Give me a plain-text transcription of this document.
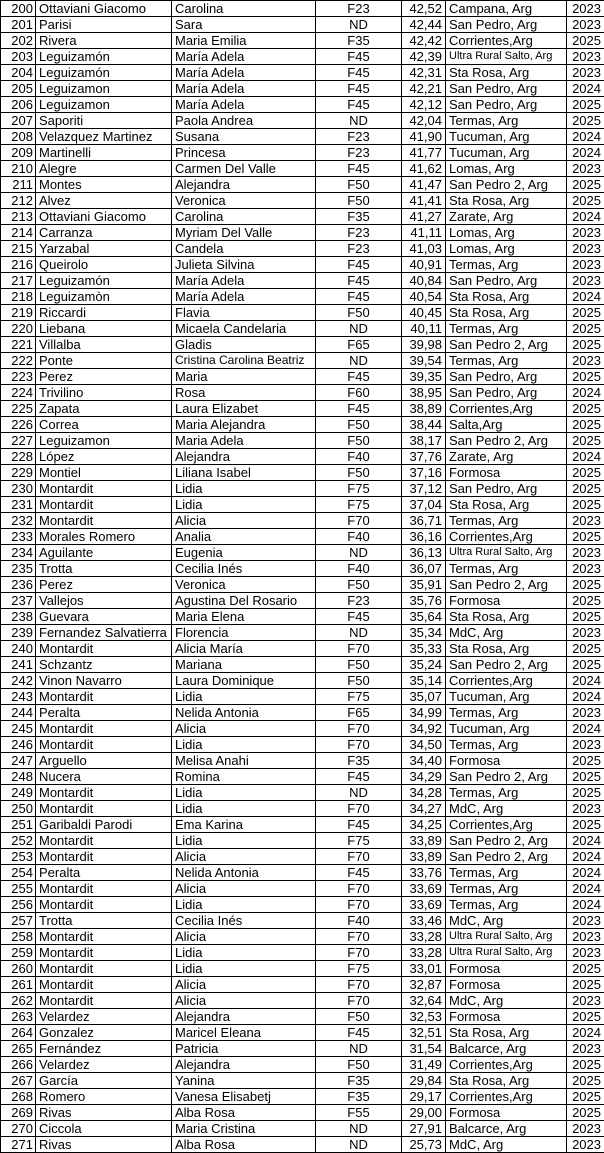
200	Ottaviani Giacomo	Carolina	F23	42,52	Campana, Arg	2023
201	Parisi	Sara	ND	42,44	San Pedro, Arg	2023
202	Rivera	Maria Emilia	F35	42,42	Corrientes,Arg	2025
203	Leguizamón	María Adela	F45	42,39	Ultra Rural Salto, Arg	2023
204	Leguizamón	María Adela	F45	42,31	Sta Rosa, Arg	2023
205	Leguizamon	María Adela	F45	42,21	San Pedro, Arg	2024
206	Leguizamon	María Adela	F45	42,12	San Pedro, Arg	2025
207	Saporiti	Paola Andrea	ND	42,04	Termas, Arg	2025
208	Velazquez Martinez	Susana	F23	41,90	Tucuman, Arg	2024
209	Martinelli	Princesa	F23	41,77	Tucuman, Arg	2024
210	Alegre	Carmen Del Valle	F45	41,62	Lomas, Arg	2023
211	Montes	Alejandra	F50	41,47	San Pedro 2, Arg	2025
212	Alvez	Veronica	F50	41,41	Sta Rosa, Arg	2025
213	Ottaviani Giacomo	Carolina	F35	41,27	Zarate, Arg	2024
214	Carranza	Myriam Del Valle	F23	41,11	Lomas, Arg	2023
215	Yarzabal	Candela	F23	41,03	Lomas, Arg	2023
216	Queirolo	Julieta Silvina	F45	40,91	Termas, Arg	2023
217	Leguizamón	María Adela	F45	40,84	San Pedro, Arg	2023
218	Leguizamòn	María Adela	F45	40,54	Sta Rosa, Arg	2024
219	Riccardi	Flavia	F50	40,45	Sta Rosa, Arg	2025
220	Liebana	Micaela Candelaria	ND	40,11	Termas, Arg	2025
221	Villalba	Gladis	F65	39,98	San Pedro 2, Arg	2025
222	Ponte	Cristina Carolina Beatriz	ND	39,54	Termas, Arg	2023
223	Perez	Maria	F45	39,35	San Pedro, Arg	2025
224	Trivilino	Rosa	F60	38,95	San Pedro, Arg	2024
225	Zapata	Laura Elizabet	F45	38,89	Corrientes,Arg	2025
226	Correa	Maria Alejandra	F50	38,44	Salta,Arg	2025
227	Leguizamon	Maria Adela	F50	38,17	San Pedro 2, Arg	2025
228	López	Alejandra	F40	37,76	Zarate, Arg	2024
229	Montiel	Liliana Isabel	F50	37,16	Formosa	2025
230	Montardit	Lidia	F75	37,12	San Pedro, Arg	2025
231	Montardit	Lidia	F75	37,04	Sta Rosa, Arg	2025
232	Montardit	Alicia	F70	36,71	Termas, Arg	2023
233	Morales Romero	Analia	F40	36,16	Corrientes,Arg	2025
234	Aguilante	Eugenia	ND	36,13	Ultra Rural Salto, Arg	2023
235	Trotta	Cecilia Inés	F40	36,07	Termas, Arg	2023
236	Perez	Veronica	F50	35,91	San Pedro 2, Arg	2025
237	Vallejos	Agustina Del Rosario	F23	35,76	Formosa	2025
238	Guevara	Maria Elena	F45	35,64	Sta Rosa, Arg	2025
239	Fernandez Salvatierra	Florencia	ND	35,34	MdC, Arg	2023
240	Montardit	Alicia María	F70	35,33	Sta Rosa, Arg	2025
241	Schzantz	Mariana	F50	35,24	San Pedro 2, Arg	2025
242	Vinon Navarro	Laura Dominique	F50	35,14	Corrientes,Arg	2024
243	Montardit	Lidia	F75	35,07	Tucuman, Arg	2024
244	Peralta	Nelida Antonia	F65	34,99	Termas, Arg	2023
245	Montardit	Alicia	F70	34,92	Tucuman, Arg	2024
246	Montardit	Lidia	F70	34,50	Termas, Arg	2023
247	Arguello	Melisa Anahi	F35	34,40	Formosa	2025
248	Nucera	Romina	F45	34,29	San Pedro 2, Arg	2025
249	Montardit	Lidia	ND	34,28	Termas, Arg	2025
250	Montardit	Lidia	F70	34,27	MdC, Arg	2023
251	Garibaldi Parodi	Ema Karina	F45	34,25	Corrientes,Arg	2025
252	Montardit	Lidia	F75	33,89	San Pedro 2, Arg	2024
253	Montardit	Alicia	F70	33,89	San Pedro 2, Arg	2024
254	Peralta	Nelida Antonia	F45	33,76	Termas, Arg	2024
255	Montardit	Alicia	F70	33,69	Termas, Arg	2024
256	Montardit	Lidia	F70	33,69	Termas, Arg	2024
257	Trotta	Cecilia Inés	F40	33,46	MdC, Arg	2023
258	Montardit	Alicia	F70	33,28	Ultra Rural Salto, Arg	2023
259	Montardit	Lidia	F70	33,28	Ultra Rural Salto, Arg	2023
260	Montardit	Lidia	F75	33,01	Formosa	2025
261	Montardit	Alicia	F70	32,87	Formosa	2025
262	Montardit	Alicia	F70	32,64	MdC, Arg	2023
263	Velardez	Alejandra	F50	32,53	Formosa	2025
264	Gonzalez	Maricel Eleana	F45	32,51	Sta Rosa, Arg	2024
265	Fernández	Patricia	ND	31,54	Balcarce, Arg	2023
266	Velardez	Alejandra	F50	31,49	Corrientes,Arg	2025
267	García	Yanina	F35	29,84	Sta Rosa, Arg	2025
268	Romero	Vanesa Elisabetj	F35	29,17	Corrientes,Arg	2025
269	Rivas	Alba Rosa	F55	29,00	Formosa	2025
270	Ciccola	Maria Cristina	ND	27,91	Balcarce, Arg	2023
271	Rivas	Alba Rosa	ND	25,73	MdC, Arg	2023
